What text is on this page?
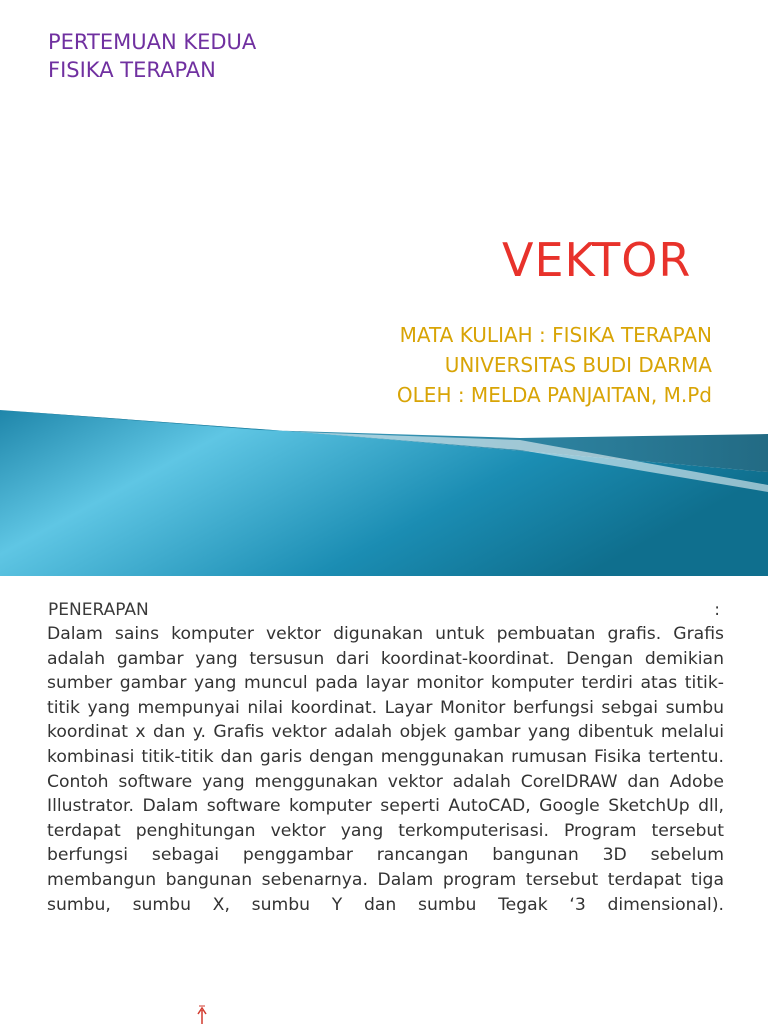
PERTEMUAN KEDUA
FISIKA TERAPAN
VEKTOR
MATA KULIAH : FISIKA TERAPAN
UNIVERSITAS BUDI DARMA
OLEH : MELDA PANJAITAN, M.Pd
PENERAPAN	:
Dalam sains komputer vektor digunakan untuk pembuatan grafis. Grafis adalah gambar yang tersusun dari koordinat-koordinat. Dengan demikian sumber gambar yang muncul pada layar monitor komputer terdiri atas titik-titik yang mempunyai nilai koordinat. Layar Monitor berfungsi sebgai sumbu koordinat x dan y. Grafis vektor adalah objek gambar yang dibentuk melalui kombinasi titik-titik dan garis dengan menggunakan rumusan Fisika tertentu. Contoh software yang menggunakan vektor adalah CorelDRAW dan Adobe Illustrator. Dalam software komputer seperti AutoCAD, Google SketchUp dll, terdapat penghitungan vektor yang terkomputerisasi. Program tersebut berfungsi sebagai penggambar rancangan bangunan 3D sebelum membangun bangunan sebenarnya. Dalam program tersebut terdapat tiga sumbu, sumbu X, sumbu Y dan sumbu Tegak ‘3 dimensional).
